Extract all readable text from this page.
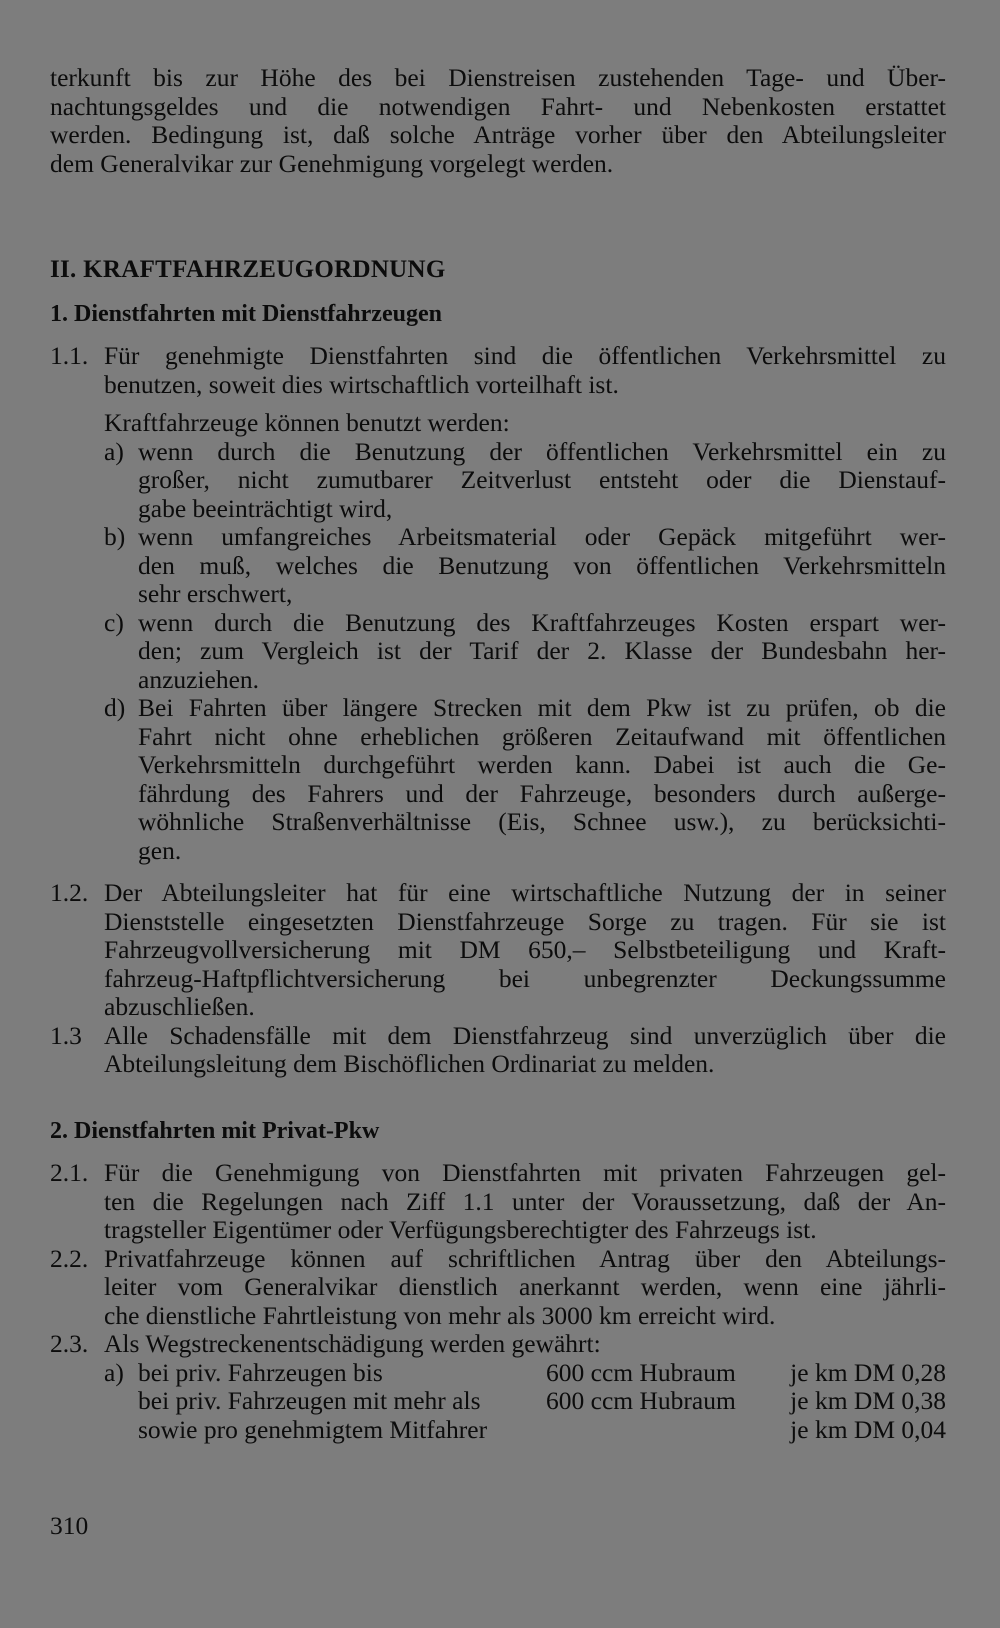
terkunft bis zur Höhe des bei Dienstreisen zustehenden Tage- und Über-

nachtungsgeldes und die notwendigen Fahrt- und Nebenkosten erstattet

werden. Bedingung ist, daß solche Anträge vorher über den Abteilungsleiter

dem Generalvikar zur Genehmigung vorgelegt werden.

II. KRAFTFAHRZEUGORDNUNG

1. Dienstfahrten mit Dienstfahrzeugen

1.1. Für genehmigte Dienstfahrten sind die öffentlichen Verkehrsmittel zu

benutzen, soweit dies wirtschaftlich vorteilhaft ist.

Kraftfahrzeuge können benutzt werden:

a) wenn durch die Benutzung der öffentlichen Verkehrsmittel ein zu

großer, nicht zumutbarer Zeitverlust entsteht oder die Dienstauf-

gabe beeinträchtigt wird,

b) wenn umfangreiches Arbeitsmaterial oder Gepäck mitgeführt wer-

den muß, welches die Benutzung von öffentlichen Verkehrsmitteln

sehr erschwert,

c) wenn durch die Benutzung des Kraftfahrzeuges Kosten erspart wer-

den; zum Vergleich ist der Tarif der 2. Klasse der Bundesbahn her-

anzuziehen.

d) Bei Fahrten über längere Strecken mit dem Pkw ist zu prüfen, ob die

Fahrt nicht ohne erheblichen größeren Zeitaufwand mit öffentlichen

Verkehrsmitteln durchgeführt werden kann. Dabei ist auch die Ge-

fährdung des Fahrers und der Fahrzeuge, besonders durch außerge-

wöhnliche Straßenverhältnisse (Eis, Schnee usw.), zu berücksichti-

gen.

1.2. Der Abteilungsleiter hat für eine wirtschaftliche Nutzung der in seiner

Dienststelle eingesetzten Dienstfahrzeuge Sorge zu tragen. Für sie ist

Fahrzeugvollversicherung mit DM 650,– Selbstbeteiligung und Kraft-

fahrzeug-Haftpflichtversicherung bei unbegrenzter Deckungssumme

abzuschließen.

1.3 Alle Schadensfälle mit dem Dienstfahrzeug sind unverzüglich über die

Abteilungsleitung dem Bischöflichen Ordinariat zu melden.

2. Dienstfahrten mit Privat-Pkw

2.1. Für die Genehmigung von Dienstfahrten mit privaten Fahrzeugen gel-

ten die Regelungen nach Ziff 1.1 unter der Voraussetzung, daß der An-

tragsteller Eigentümer oder Verfügungsberechtigter des Fahrzeugs ist.

2.2. Privatfahrzeuge können auf schriftlichen Antrag über den Abteilungs-

leiter vom Generalvikar dienstlich anerkannt werden, wenn eine jährli-

che dienstliche Fahrtleistung von mehr als 3000 km erreicht wird.

2.3. Als Wegstreckenentschädigung werden gewährt:

a) bei priv. Fahrzeugen bis	600 ccm Hubraum je km DM 0,28
bei priv. Fahrzeugen mit mehr als	600 ccm Hubraum je km DM 0,38
sowie pro genehmigtem Mitfahrer	je km DM 0,04
310
